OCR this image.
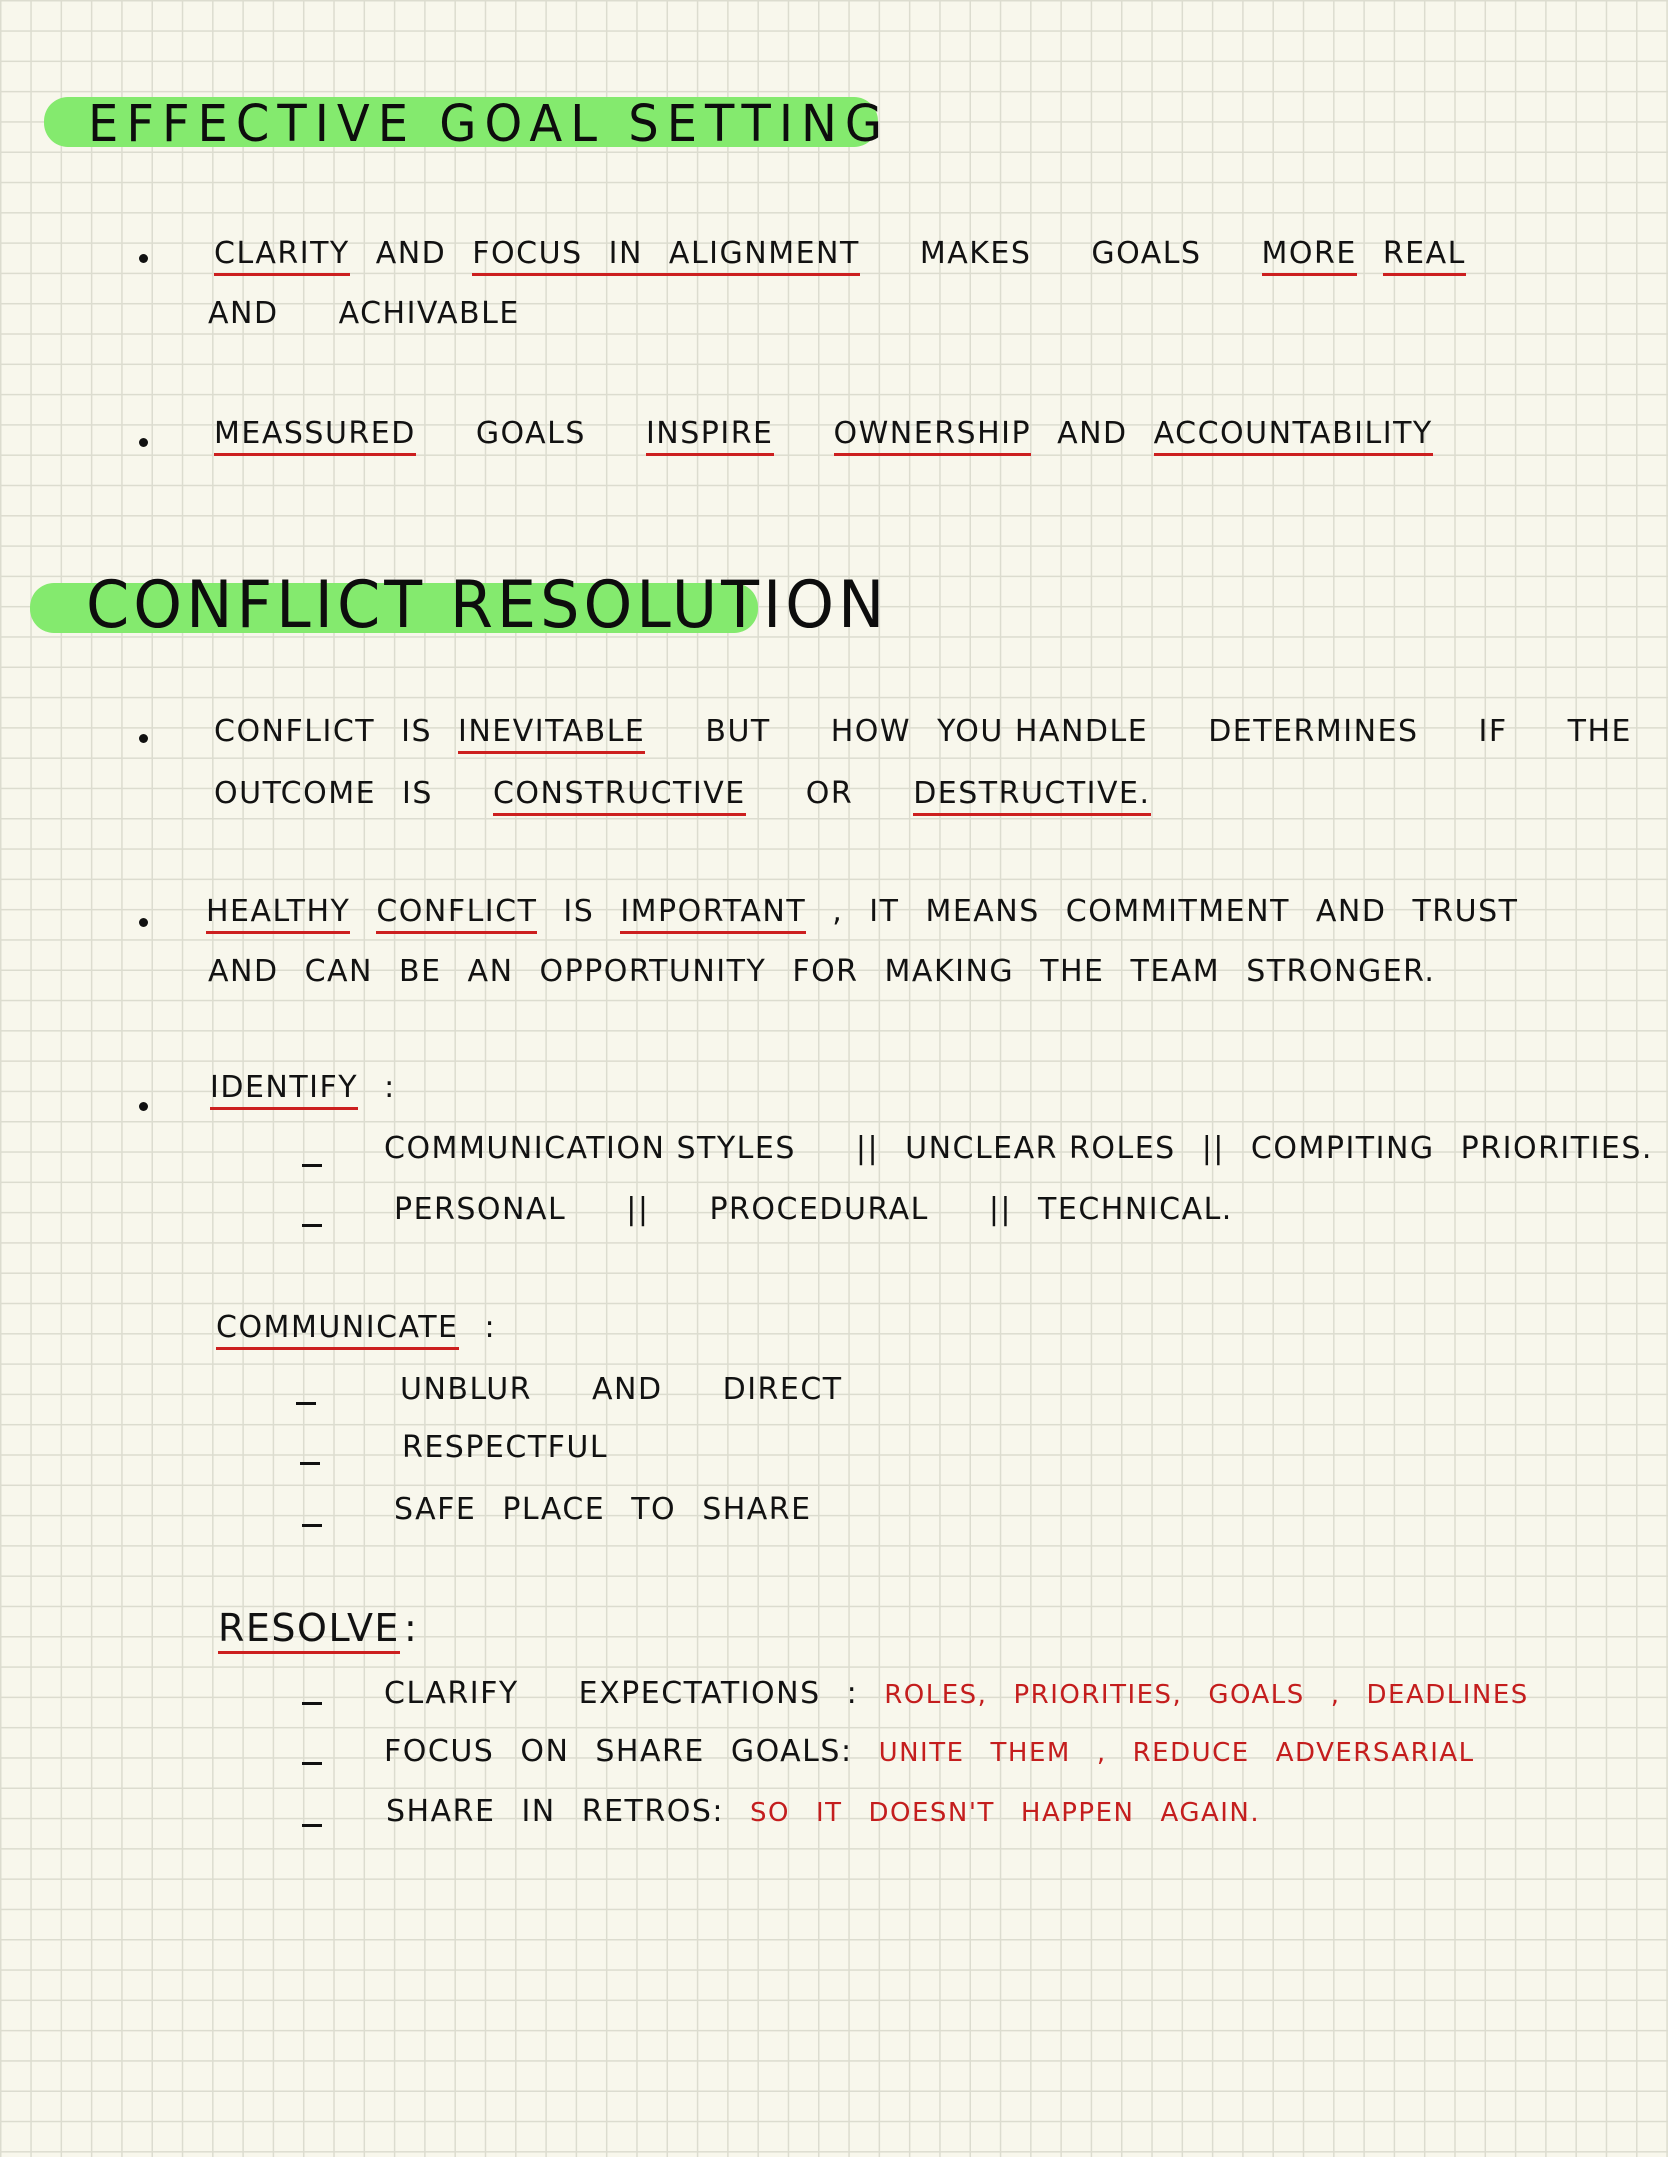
EFFECTIVE GOAL SETTING
CLARITY AND FOCUS IN ALIGNMENT MAKES GOALS MORE REAL
AND ACHIVABLE
MEASSURED GOALS INSPIRE OWNERSHIP AND ACCOUNTABILITY
CONFLICT RESOLUTION
CONFLICT IS INEVITABLE BUT HOW YOU HANDLE DETERMINES IF THE
OUTCOME IS CONSTRUCTIVE OR DESTRUCTIVE.
HEALTHY CONFLICT IS IMPORTANT , IT MEANS COMMITMENT AND TRUST
AND CAN BE AN OPPORTUNITY FOR MAKING THE TEAM STRONGER.
IDENTIFY :
COMMUNICATION STYLES || UNCLEAR ROLES || COMPITING PRIORITIES.
PERSONAL || PROCEDURAL || TECHNICAL.
COMMUNICATE :
UNBLUR AND DIRECT
RESPECTFUL
SAFE PLACE TO SHARE
RESOLVE :
CLARIFY EXPECTATIONS : ROLES, PRIORITIES, GOALS , DEADLINES
FOCUS ON SHARE GOALS: UNITE THEM , REDUCE ADVERSARIAL
SHARE IN RETROS: SO IT DOESN'T HAPPEN AGAIN.
